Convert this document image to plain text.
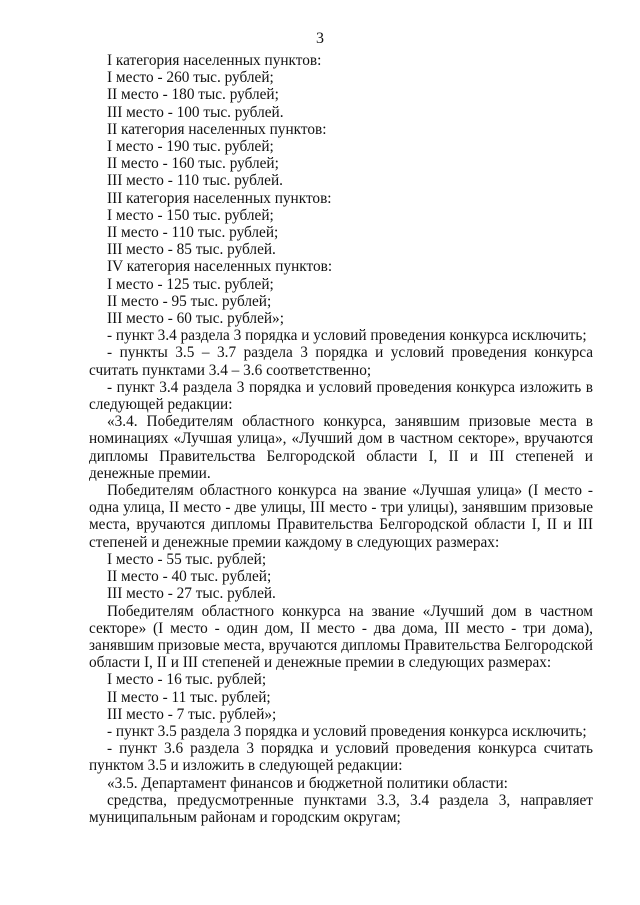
3

I категория населенных пунктов:

I место - 260 тыс. рублей;

II место - 180 тыс. рублей;

III место - 100 тыс. рублей.

II категория населенных пунктов:

I место - 190 тыс. рублей;

II место - 160 тыс. рублей;

III место - 110 тыс. рублей.

III категория населенных пунктов:

I место - 150 тыс. рублей;

II место - 110 тыс. рублей;

III место - 85 тыс. рублей.

IV категория населенных пунктов:

I место - 125 тыс. рублей;

II место - 95 тыс. рублей;

III место - 60 тыс. рублей»;

- пункт 3.4 раздела 3 порядка и условий проведения конкурса исключить;

- пункты 3.5 – 3.7 раздела 3 порядка и условий проведения конкурса считать пунктами 3.4 – 3.6 соответственно;

- пункт 3.4 раздела 3 порядка и условий проведения конкурса изложить в следующей редакции:

«3.4. Победителям областного конкурса, занявшим призовые места в номинациях «Лучшая улица», «Лучший дом в частном секторе», вручаются дипломы Правительства Белгородской области I, II и III степеней и денежные премии.

Победителям областного конкурса на звание «Лучшая улица» (I место - одна улица, II место - две улицы, III место - три улицы), занявшим призовые места, вручаются дипломы Правительства Белгородской области I, II и III степеней и денежные премии каждому в следующих размерах:

I место - 55 тыс. рублей;

II место - 40 тыс. рублей;

III место - 27 тыс. рублей.

Победителям областного конкурса на звание «Лучший дом в частном секторе» (I место - один дом, II место - два дома, III место - три дома), занявшим призовые места, вручаются дипломы Правительства Белгородской области I, II и III степеней и денежные премии в следующих размерах:

I место - 16 тыс. рублей;

II место - 11 тыс. рублей;

III место - 7 тыс. рублей»;

- пункт 3.5 раздела 3 порядка и условий проведения конкурса исключить;

- пункт 3.6 раздела 3 порядка и условий проведения конкурса считать пунктом 3.5 и изложить в следующей редакции:

«3.5. Департамент финансов и бюджетной политики области:

средства, предусмотренные пунктами 3.3, 3.4 раздела 3, направляет муниципальным районам и городским округам;
